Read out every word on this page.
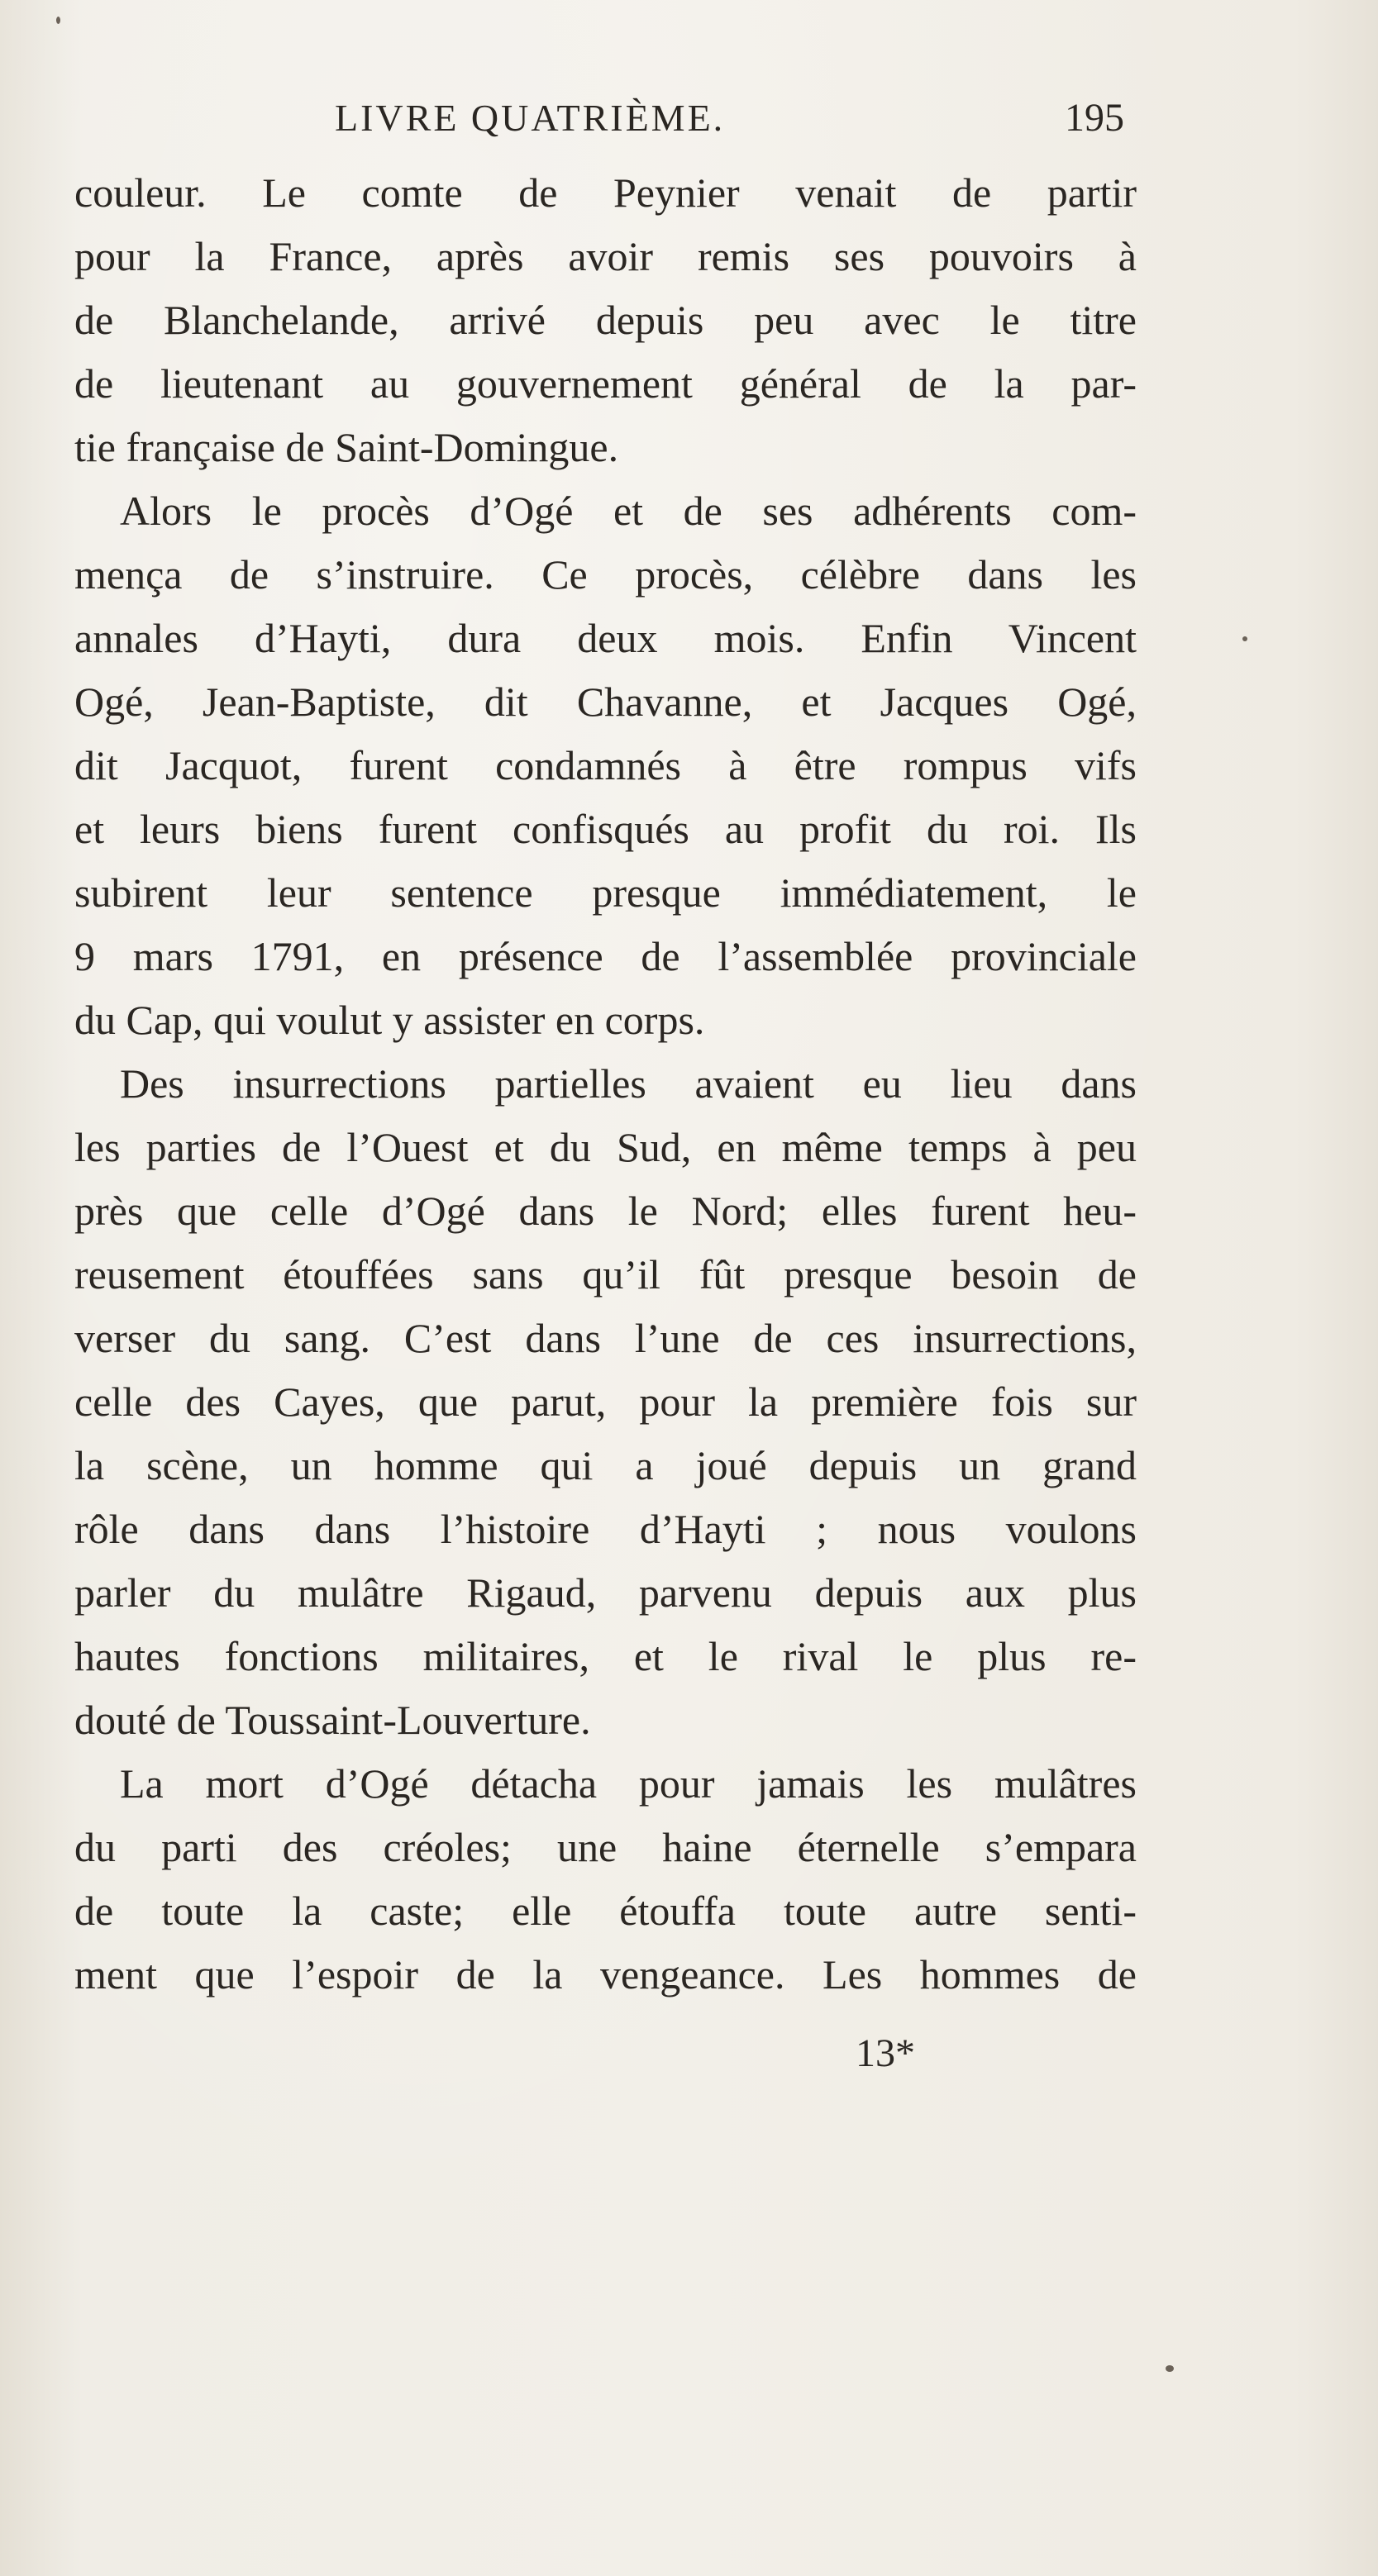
LIVRE QUATRIÈME.	195
couleur. Le comte de Peynier venait de partir
pour la France, après avoir remis ses pouvoirs à
de Blanchelande, arrivé depuis peu avec le titre
de lieutenant au gouvernement général de la par-
tie française de Saint-Domingue.
Alors le procès d’Ogé et de ses adhérents com-
mença de s’instruire. Ce procès, célèbre dans les
annales d’Hayti, dura deux mois. Enfin Vincent
Ogé, Jean-Baptiste, dit Chavanne, et Jacques Ogé,
dit Jacquot, furent condamnés à être rompus vifs
et leurs biens furent confisqués au profit du roi. Ils
subirent leur sentence presque immédiatement, le
9 mars 1791, en présence de l’assemblée provinciale
du Cap, qui voulut y assister en corps.
Des insurrections partielles avaient eu lieu dans
les parties de l’Ouest et du Sud, en même temps à peu
près que celle d’Ogé dans le Nord; elles furent heu-
reusement étouffées sans qu’il fût presque besoin de
verser du sang. C’est dans l’une de ces insurrections,
celle des Cayes, que parut, pour la première fois sur
la scène, un homme qui a joué depuis un grand
rôle dans dans l’histoire d’Hayti ; nous voulons
parler du mulâtre Rigaud, parvenu depuis aux plus
hautes fonctions militaires, et le rival le plus re-
douté de Toussaint-Louverture.
La mort d’Ogé détacha pour jamais les mulâtres
du parti des créoles; une haine éternelle s’empara
de toute la caste; elle étouffa toute autre senti-
ment que l’espoir de la vengeance. Les hommes de
13*
